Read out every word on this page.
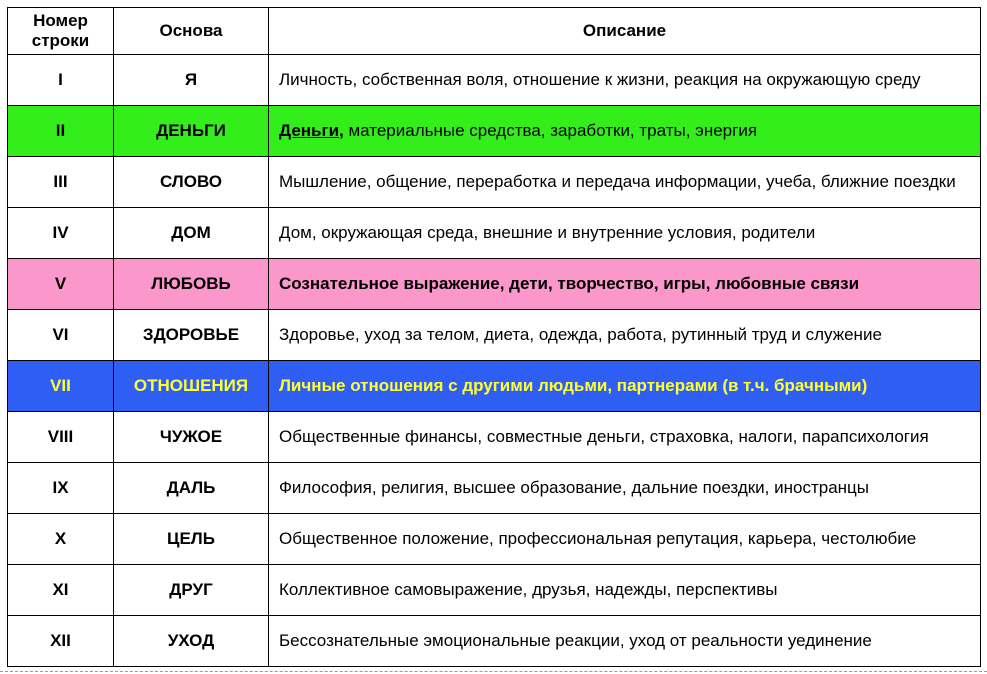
Номер строки	Основа	Описание
I	Я	Личность, собственная воля, отношение к жизни, реакция на окружающую среду
II	ДЕНЬГИ	Деньги, материальные средства, заработки, траты, энергия
III	СЛОВО	Мышление, общение, переработка и передача информации, учеба, ближние поездки
IV	ДОМ	Дом, окружающая среда, внешние и внутренние условия, родители
V	ЛЮБОВЬ	Сознательное выражение, дети, творчество, игры, любовные связи
VI	ЗДОРОВЬЕ	Здоровье, уход за телом, диета, одежда, работа, рутинный труд и служение
VII	ОТНОШЕНИЯ	Личные отношения с другими людьми, партнерами (в т.ч. брачными)
VIII	ЧУЖОЕ	Общественные финансы, совместные деньги, страховка, налоги, парапсихология
IX	ДАЛЬ	Философия, религия, высшее образование, дальние поездки, иностранцы
X	ЦЕЛЬ	Общественное положение, профессиональная репутация, карьера, честолюбие
XI	ДРУГ	Коллективное самовыражение, друзья, надежды, перспективы
XII	УХОД	Бессознательные эмоциональные реакции, уход от реальности уединение
